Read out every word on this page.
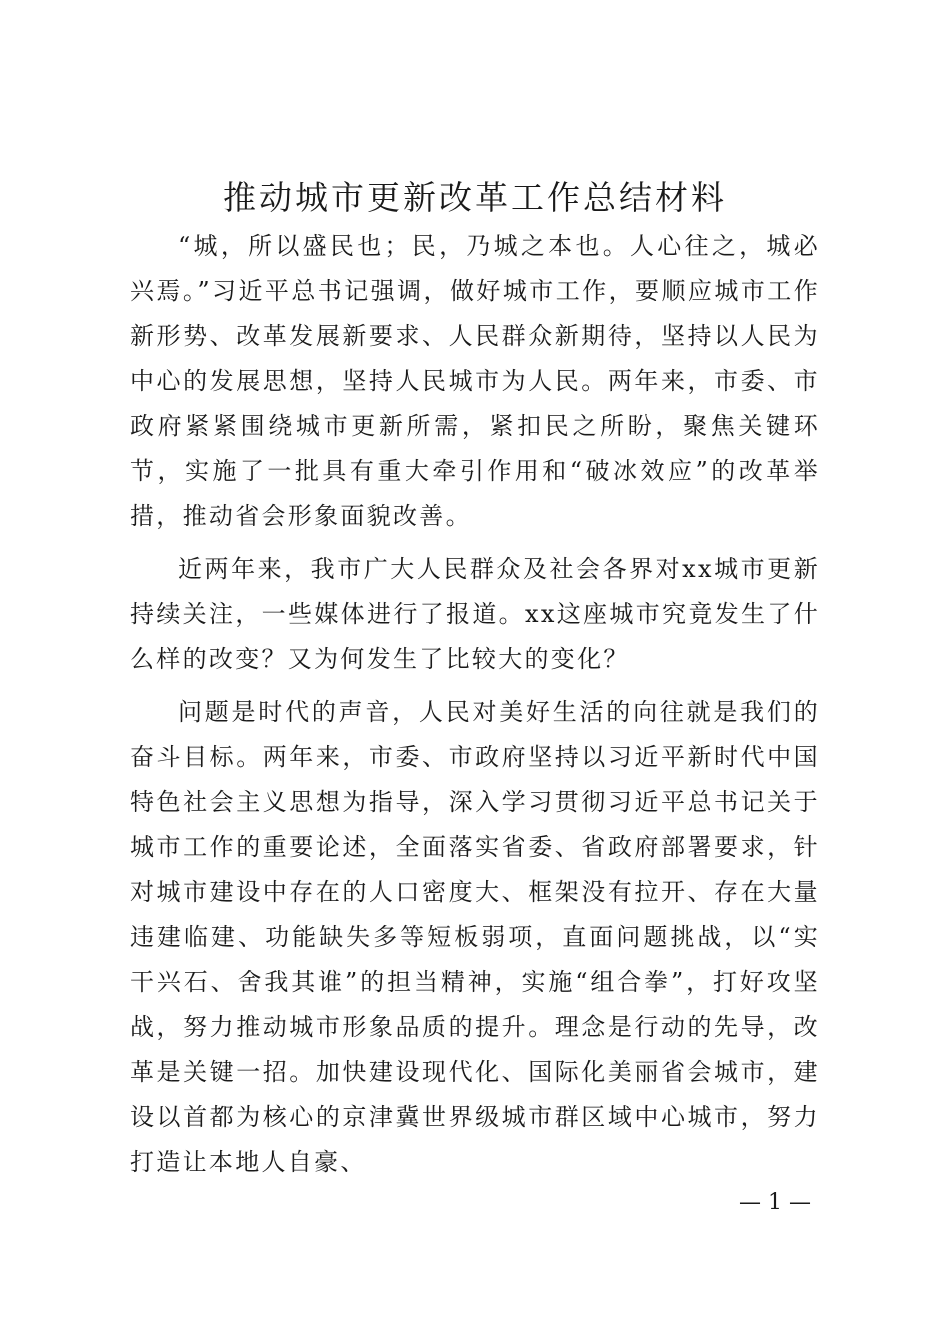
推动城市更新改革工作总结材料

“城，所以盛民也；民，乃城之本也。人心往之，城必兴焉。”习近平总书记强调，做好城市工作，要顺应城市工作新形势、改革发展新要求、人民群众新期待，坚持以人民为中心的发展思想，坚持人民城市为人民。两年来，市委、市政府紧紧围绕城市更新所需，紧扣民之所盼，聚焦关键环节，实施了一批具有重大牵引作用和“破冰效应”的改革举措，推动省会形象面貌改善。

近两年来，我市广大人民群众及社会各界对xx城市更新持续关注，一些媒体进行了报道。xx这座城市究竟发生了什么样的改变？又为何发生了比较大的变化？

问题是时代的声音，人民对美好生活的向往就是我们的奋斗目标。两年来，市委、市政府坚持以习近平新时代中国特色社会主义思想为指导，深入学习贯彻习近平总书记关于城市工作的重要论述，全面落实省委、省政府部署要求，针对城市建设中存在的人口密度大、框架没有拉开、存在大量违建临建、功能缺失多等短板弱项，直面问题挑战，以“实干兴石、舍我其谁”的担当精神，实施“组合拳”，打好攻坚战，努力推动城市形象品质的提升。理念是行动的先导，改革是关键一招。加快建设现代化、国际化美丽省会城市，建设以首都为核心的京津冀世界级城市群区域中心城市，努力打造让本地人自豪、

— 1 —
